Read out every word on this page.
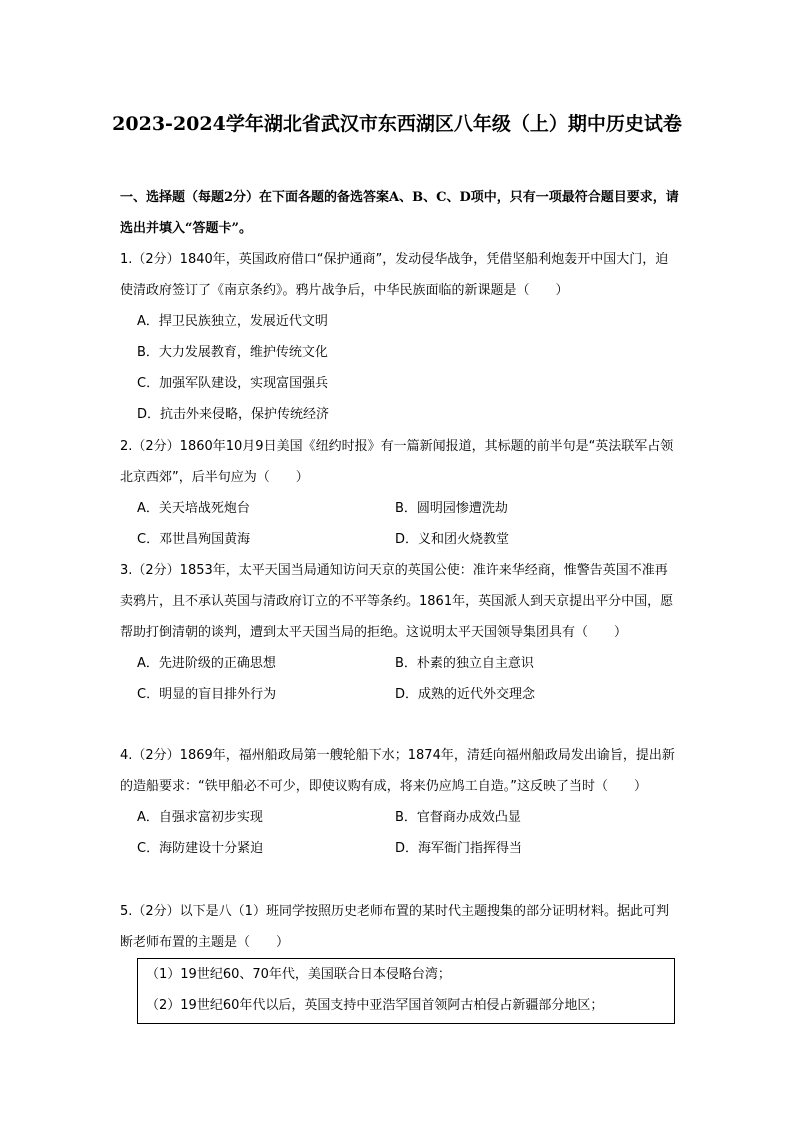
2023-2024学年湖北省武汉市东西湖区八年级（上）期中历史试卷
一、选择题（每题2分）在下面各题的备选答案A、B、C、D项中，只有一项最符合题目要求，请选出并填入“答题卡”。

1.（2分）1840年，英国政府借口“保护通商”，发动侵华战争，凭借坚船利炮轰开中国大门，迫使清政府签订了《南京条约》。鸦片战争后，中华民族面临的新课题是（　　）

A．捍卫民族独立，发展近代文明
B．大力发展教育，维护传统文化
C．加强军队建设，实现富国强兵
D．抗击外来侵略，保护传统经济

2.（2分）1860年10月9日美国《纽约时报》有一篇新闻报道，其标题的前半句是“英法联军占领北京西郊”，后半句应为（　　）

A．关天培战死炮台	B．圆明园惨遭洗劫
C．邓世昌殉国黄海	D．义和团火烧教堂

3.（2分）1853年，太平天国当局通知访问天京的英国公使：准许来华经商，惟警告英国不准再卖鸦片，且不承认英国与清政府订立的不平等条约。1861年，英国派人到天京提出平分中国，愿帮助打倒清朝的谈判，遭到太平天国当局的拒绝。这说明太平天国领导集团具有（　　）

A．先进阶级的正确思想	B．朴素的独立自主意识
C．明显的盲目排外行为	D．成熟的近代外交理念

4.（2分）1869年，福州船政局第一艘轮船下水；1874年，清廷向福州船政局发出谕旨，提出新的造船要求：“铁甲船必不可少，即使议购有成，将来仍应鸠工自造。”这反映了当时（　　）

A．自强求富初步实现	B．官督商办成效凸显
C．海防建设十分紧迫	D．海军衙门指挥得当

5.（2分）以下是八（1）班同学按照历史老师布置的某时代主题搜集的部分证明材料。据此可判断老师布置的主题是（　　）

（1）19世纪60、70年代，美国联合日本侵略台湾；
（2）19世纪60年代以后，英国支持中亚浩罕国首领阿古柏侵占新疆部分地区；
